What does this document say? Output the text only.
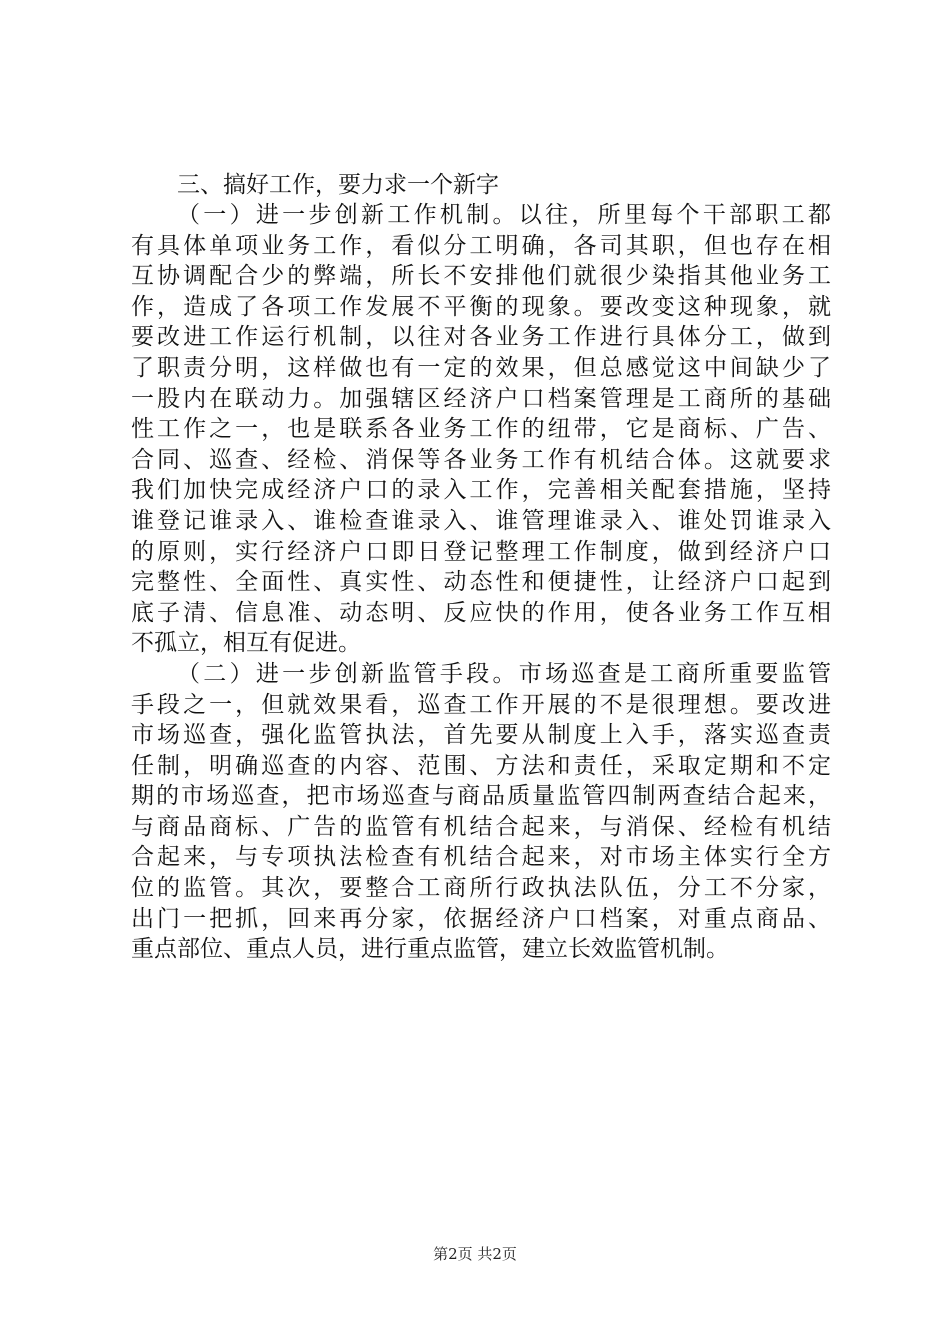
三、搞好工作，要力求一个新字
（一）进一步创新工作机制。以往，所里每个干部职工都
有具体单项业务工作，看似分工明确，各司其职，但也存在相
互协调配合少的弊端，所长不安排他们就很少染指其他业务工
作，造成了各项工作发展不平衡的现象。要改变这种现象，就
要改进工作运行机制，以往对各业务工作进行具体分工，做到
了职责分明，这样做也有一定的效果，但总感觉这中间缺少了
一股内在联动力。加强辖区经济户口档案管理是工商所的基础
性工作之一，也是联系各业务工作的纽带，它是商标、广告、
合同、巡查、经检、消保等各业务工作有机结合体。这就要求
我们加快完成经济户口的录入工作，完善相关配套措施，坚持
谁登记谁录入、谁检查谁录入、谁管理谁录入、谁处罚谁录入
的原则，实行经济户口即日登记整理工作制度，做到经济户口
完整性、全面性、真实性、动态性和便捷性，让经济户口起到
底子清、信息准、动态明、反应快的作用，使各业务工作互相
不孤立，相互有促进。
（二）进一步创新监管手段。市场巡查是工商所重要监管
手段之一，但就效果看，巡查工作开展的不是很理想。要改进
市场巡查，强化监管执法，首先要从制度上入手，落实巡查责
任制，明确巡查的内容、范围、方法和责任，采取定期和不定
期的市场巡查，把市场巡查与商品质量监管四制两查结合起来，
与商品商标、广告的监管有机结合起来，与消保、经检有机结
合起来，与专项执法检查有机结合起来，对市场主体实行全方
位的监管。其次，要整合工商所行政执法队伍，分工不分家，
出门一把抓，回来再分家，依据经济户口档案，对重点商品、
重点部位、重点人员，进行重点监管，建立长效监管机制。
第2页 共2页
